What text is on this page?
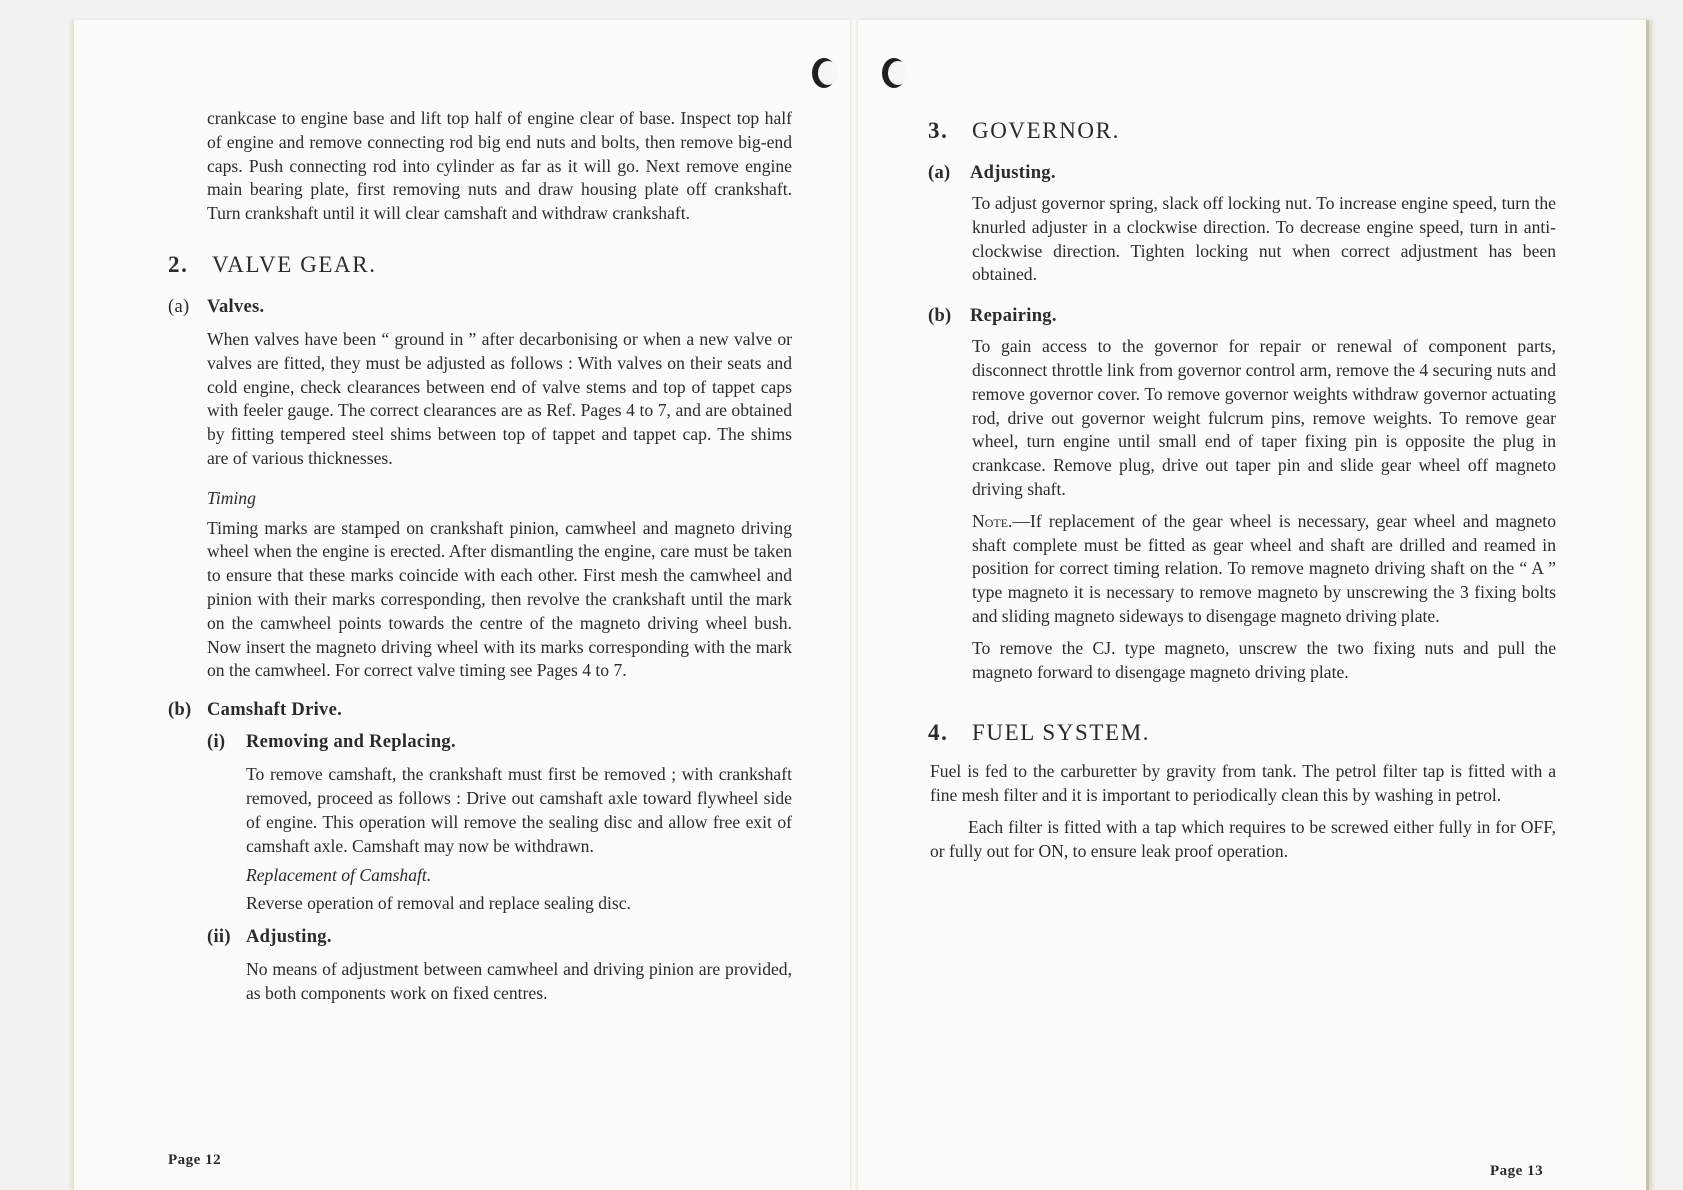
crankcase to engine base and lift top half of engine clear of base. Inspect top half of engine and remove connecting rod big end nuts and bolts, then remove big-end caps. Push connecting rod into cylinder as far as it will go. Next remove engine main bearing plate, first removing nuts and draw housing plate off crankshaft. Turn crankshaft until it will clear camshaft and withdraw crankshaft.

2. VALVE GEAR.
(a) Valves.

When valves have been “ ground in ” after decarbonising or when a new valve or valves are fitted, they must be adjusted as follows : With valves on their seats and cold engine, check clearances between end of valve stems and top of tappet caps with feeler gauge. The correct clearances are as Ref. Pages 4 to 7, and are obtained by fitting tempered steel shims between top of tappet and tappet cap. The shims are of various thicknesses.

Timing

Timing marks are stamped on crankshaft pinion, camwheel and magneto driving wheel when the engine is erected. After dismantling the engine, care must be taken to ensure that these marks coincide with each other. First mesh the camwheel and pinion with their marks corresponding, then revolve the crankshaft until the mark on the camwheel points towards the centre of the magneto driving wheel bush. Now insert the magneto driving wheel with its marks corresponding with the mark on the camwheel. For correct valve timing see Pages 4 to 7.

(b) Camshaft Drive.
(i) Removing and Replacing.

To remove camshaft, the crankshaft must first be removed ; with crankshaft removed, proceed as follows : Drive out camshaft axle toward flywheel side of engine. This operation will remove the sealing disc and allow free exit of camshaft axle. Camshaft may now be withdrawn.

Replacement of Camshaft.

Reverse operation of removal and replace sealing disc.

(ii) Adjusting.

No means of adjustment between camwheel and driving pinion are provided, as both components work on fixed centres.

Page 12
3. GOVERNOR.
(a) Adjusting.

To adjust governor spring, slack off locking nut. To increase engine speed, turn the knurled adjuster in a clockwise direction. To decrease engine speed, turn in anti-clockwise direction. Tighten locking nut when correct adjustment has been obtained.

(b) Repairing.

To gain access to the governor for repair or renewal of component parts, disconnect throttle link from governor control arm, remove the 4 securing nuts and remove governor cover. To remove governor weights withdraw governor actuating rod, drive out governor weight fulcrum pins, remove weights. To remove gear wheel, turn engine until small end of taper fixing pin is opposite the plug in crankcase. Remove plug, drive out taper pin and slide gear wheel off magneto driving shaft.

Note.—If replacement of the gear wheel is necessary, gear wheel and magneto shaft complete must be fitted as gear wheel and shaft are drilled and reamed in position for correct timing relation. To remove magneto driving shaft on the “ A ” type magneto it is necessary to remove magneto by unscrewing the 3 fixing bolts and sliding magneto sideways to disengage magneto driving plate.

To remove the CJ. type magneto, unscrew the two fixing nuts and pull the magneto forward to disengage magneto driving plate.

4. FUEL SYSTEM.

Fuel is fed to the carburetter by gravity from tank. The petrol filter tap is fitted with a fine mesh filter and it is important to periodically clean this by washing in petrol.

Each filter is fitted with a tap which requires to be screwed either fully in for OFF, or fully out for ON, to ensure leak proof operation.

Page 13
